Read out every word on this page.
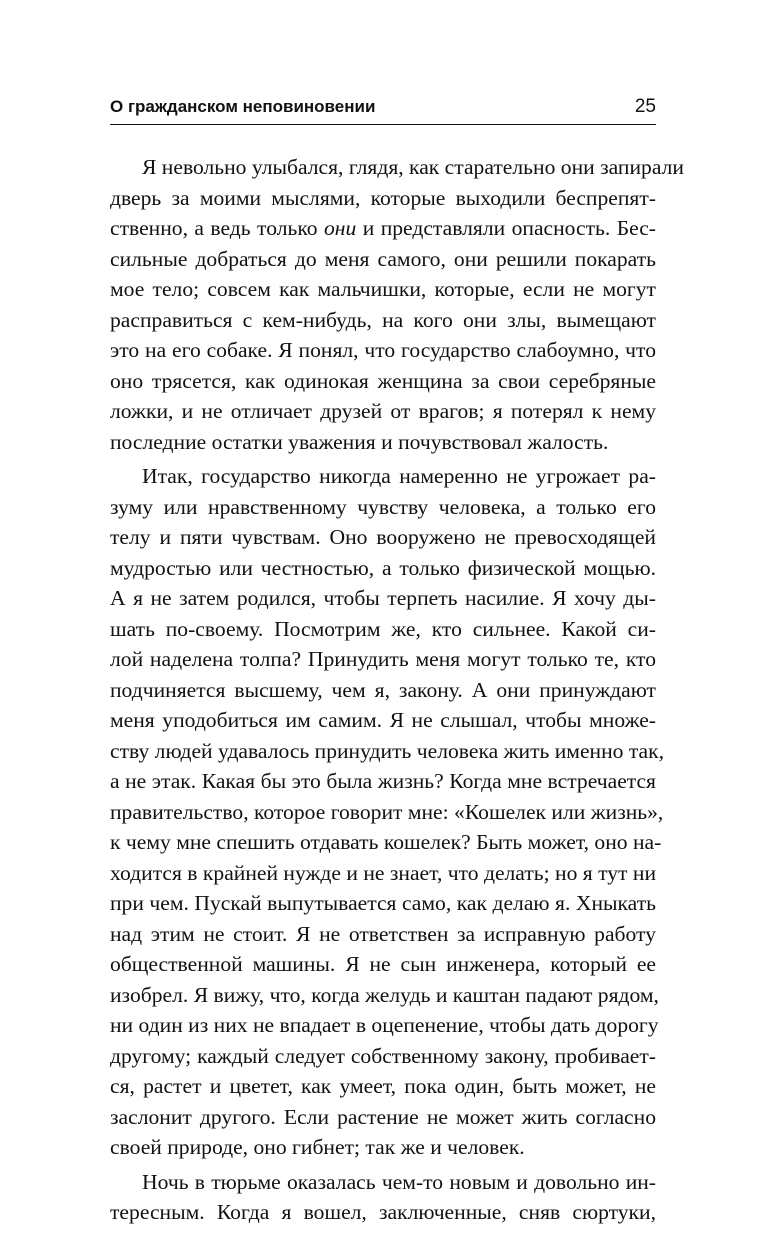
О гражданском неповиновении	25
Я невольно улыбался, глядя, как старательно они запирали
дверь за моими мыслями, которые выходили беспрепят-
ственно, а ведь только они и представляли опасность. Бес-
сильные добраться до меня самого, они решили покарать
мое тело; совсем как мальчишки, которые, если не могут
расправиться с кем-нибудь, на кого они злы, вымещают
это на его собаке. Я понял, что государство слабоумно, что
оно трясется, как одинокая женщина за свои серебряные
ложки, и не отличает друзей от врагов; я потерял к нему
последние остатки уважения и почувствовал жалость.
Итак, государство никогда намеренно не угрожает ра-
зуму или нравственному чувству человека, а только его
телу и пяти чувствам. Оно вооружено не превосходящей
мудростью или честностью, а только физической мощью.
А я не затем родился, чтобы терпеть насилие. Я хочу ды-
шать по-своему. Посмотрим же, кто сильнее. Какой си-
лой наделена толпа? Принудить меня могут только те, кто
подчиняется высшему, чем я, закону. А они принуждают
меня уподобиться им самим. Я не слышал, чтобы множе-
ству людей удавалось принудить человека жить именно так,
а не этак. Какая бы это была жизнь? Когда мне встречается
правительство, которое говорит мне: «Кошелек или жизнь»,
к чему мне спешить отдавать кошелек? Быть может, оно на-
ходится в крайней нужде и не знает, что делать; но я тут ни
при чем. Пускай выпутывается само, как делаю я. Хныкать
над этим не стоит. Я не ответствен за исправную работу
общественной машины. Я не сын инженера, который ее
изобрел. Я вижу, что, когда желудь и каштан падают рядом,
ни один из них не впадает в оцепенение, чтобы дать дорогу
другому; каждый следует собственному закону, пробивает-
ся, растет и цветет, как умеет, пока один, быть может, не
заслонит другого. Если растение не может жить согласно
своей природе, оно гибнет; так же и человек.
Ночь в тюрьме оказалась чем-то новым и довольно ин-
тересным. Когда я вошел, заключенные, сняв сюртуки,
